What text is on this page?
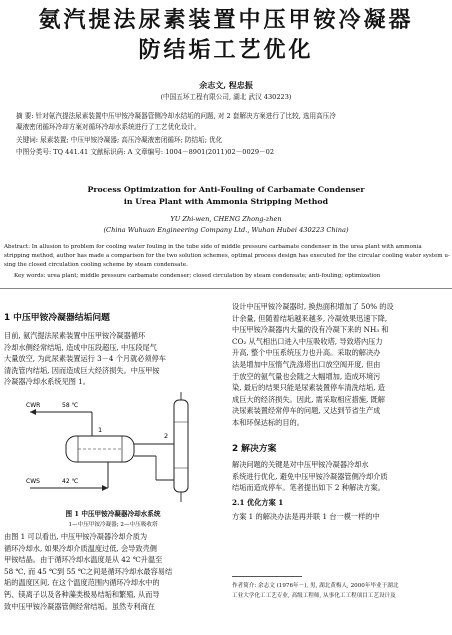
氨汽提法尿素装置中压甲铵冷凝器
防结垢工艺优化
余志文, 程忠振
(中国五环工程有限公司, 湖北 武汉 430223)
摘 要: 针对氨汽提法尿素装置中压甲铵冷凝器管侧冷却水结垢的问题, 对 2 套解决方案进行了比较, 选用高压冷
凝液密闭循环冷却方案对循环冷却水系统进行了工艺优化设计。
关键词: 尿素装置; 中压甲铵冷凝器; 高压冷凝液密闭循环; 防结垢; 优化
中图分类号: TQ 441.41 文献标识码: A 文章编号: 1004－8901(2011)02－0029－02
Process Optimization for Anti-Fouling of Carbamate Condenser
in Urea Plant with Ammonia Stripping Method
YU Zhi-wen, CHENG Zhong-zhen
(China Wuhuan Engineering Company Ltd., Wuhan Hubei 430223 China)
Abstract: In allusion to problem for cooling water fouling in the tube side of middle pressure carbamate condenser in the urea plant with ammonia
stripping method, author has made a comparison for the two solution schemes, optimal process design has executed for the circular cooling water system u-
sing the closed circulation cooling scheme by steam condensate.
Key words: urea plant; middle pressure carbamate condenser; closed circulation by steam condensate; anti-fouling; optimization
1 中压甲铵冷凝器结垢问题
目前, 氨汽提法尿素装置中压甲铵冷凝器循环
冷却水侧经常结垢, 造成中压段超压, 中压段尾气
大量放空, 为此尿素装置运行 3－4 个月就必须停车
清洗管内结垢, 因而造成巨大经济损失。中压甲铵
冷凝器冷却水系统见图 1。
CWR	58 ℃
CWS	42 ℃
1
2
图 1 中压甲铵冷凝器冷却水系统
1—中压甲铵冷凝器; 2—中压吸收塔
由图 1 可以看出, 中压甲铵冷凝器冷却介质为
循环冷却水, 如果冷却介质温度过低, 会导致壳侧
甲铵结晶。由于循环冷却水温度是从 42 ℃升温至
58 ℃, 而 45 ℃到 55 ℃之间是循环冷却水最容易结
垢的温度区间, 在这个温度范围内循环冷却水中的
钙、镁离子以及各种藻类极易结垢和繁殖, 从而导
致中压甲铵冷凝器管侧经常结垢。虽然专利商在
设计中压甲铵冷凝器时, 换热面积增加了 50% 的设
计余量, 但随着结垢越来越多, 冷凝效果迅速下降,
中压甲铵冷凝器内大量的没有冷凝下来的 NH₃ 和
CO₂ 从气相出口进入中压吸收塔, 导致塔内压力
升高, 整个中压系统压力也升高。采取的解决办
法是增加中压惰气洗涤塔出口放空阀开度, 但由
于放空的氨气量也会随之大幅增加, 造成环境污
染, 最后的结果只能是尿素装置停车清洗结垢, 造
成巨大的经济损失。因此, 需采取相应措施, 既解
决尿素装置经常停车的问题, 又达到节省生产成
本和环保达标的目的。
2 解决方案
解决问题的关键是对中压甲铵冷凝器冷却水
系统进行优化, 避免中压甲铵冷凝器管侧冷却介质
结垢而造成停车。笔者提出如下 2 种解决方案。
2.1 优化方案 1
方案 1 的解决办法是再并联 1 台一模一样的中
作者简介: 余志文 (1976年－), 男, 湖北黄梅人, 2000年毕业于湖北
工业大学化工工艺专业, 高级工程师, 从事化工工程项目工艺设计及
